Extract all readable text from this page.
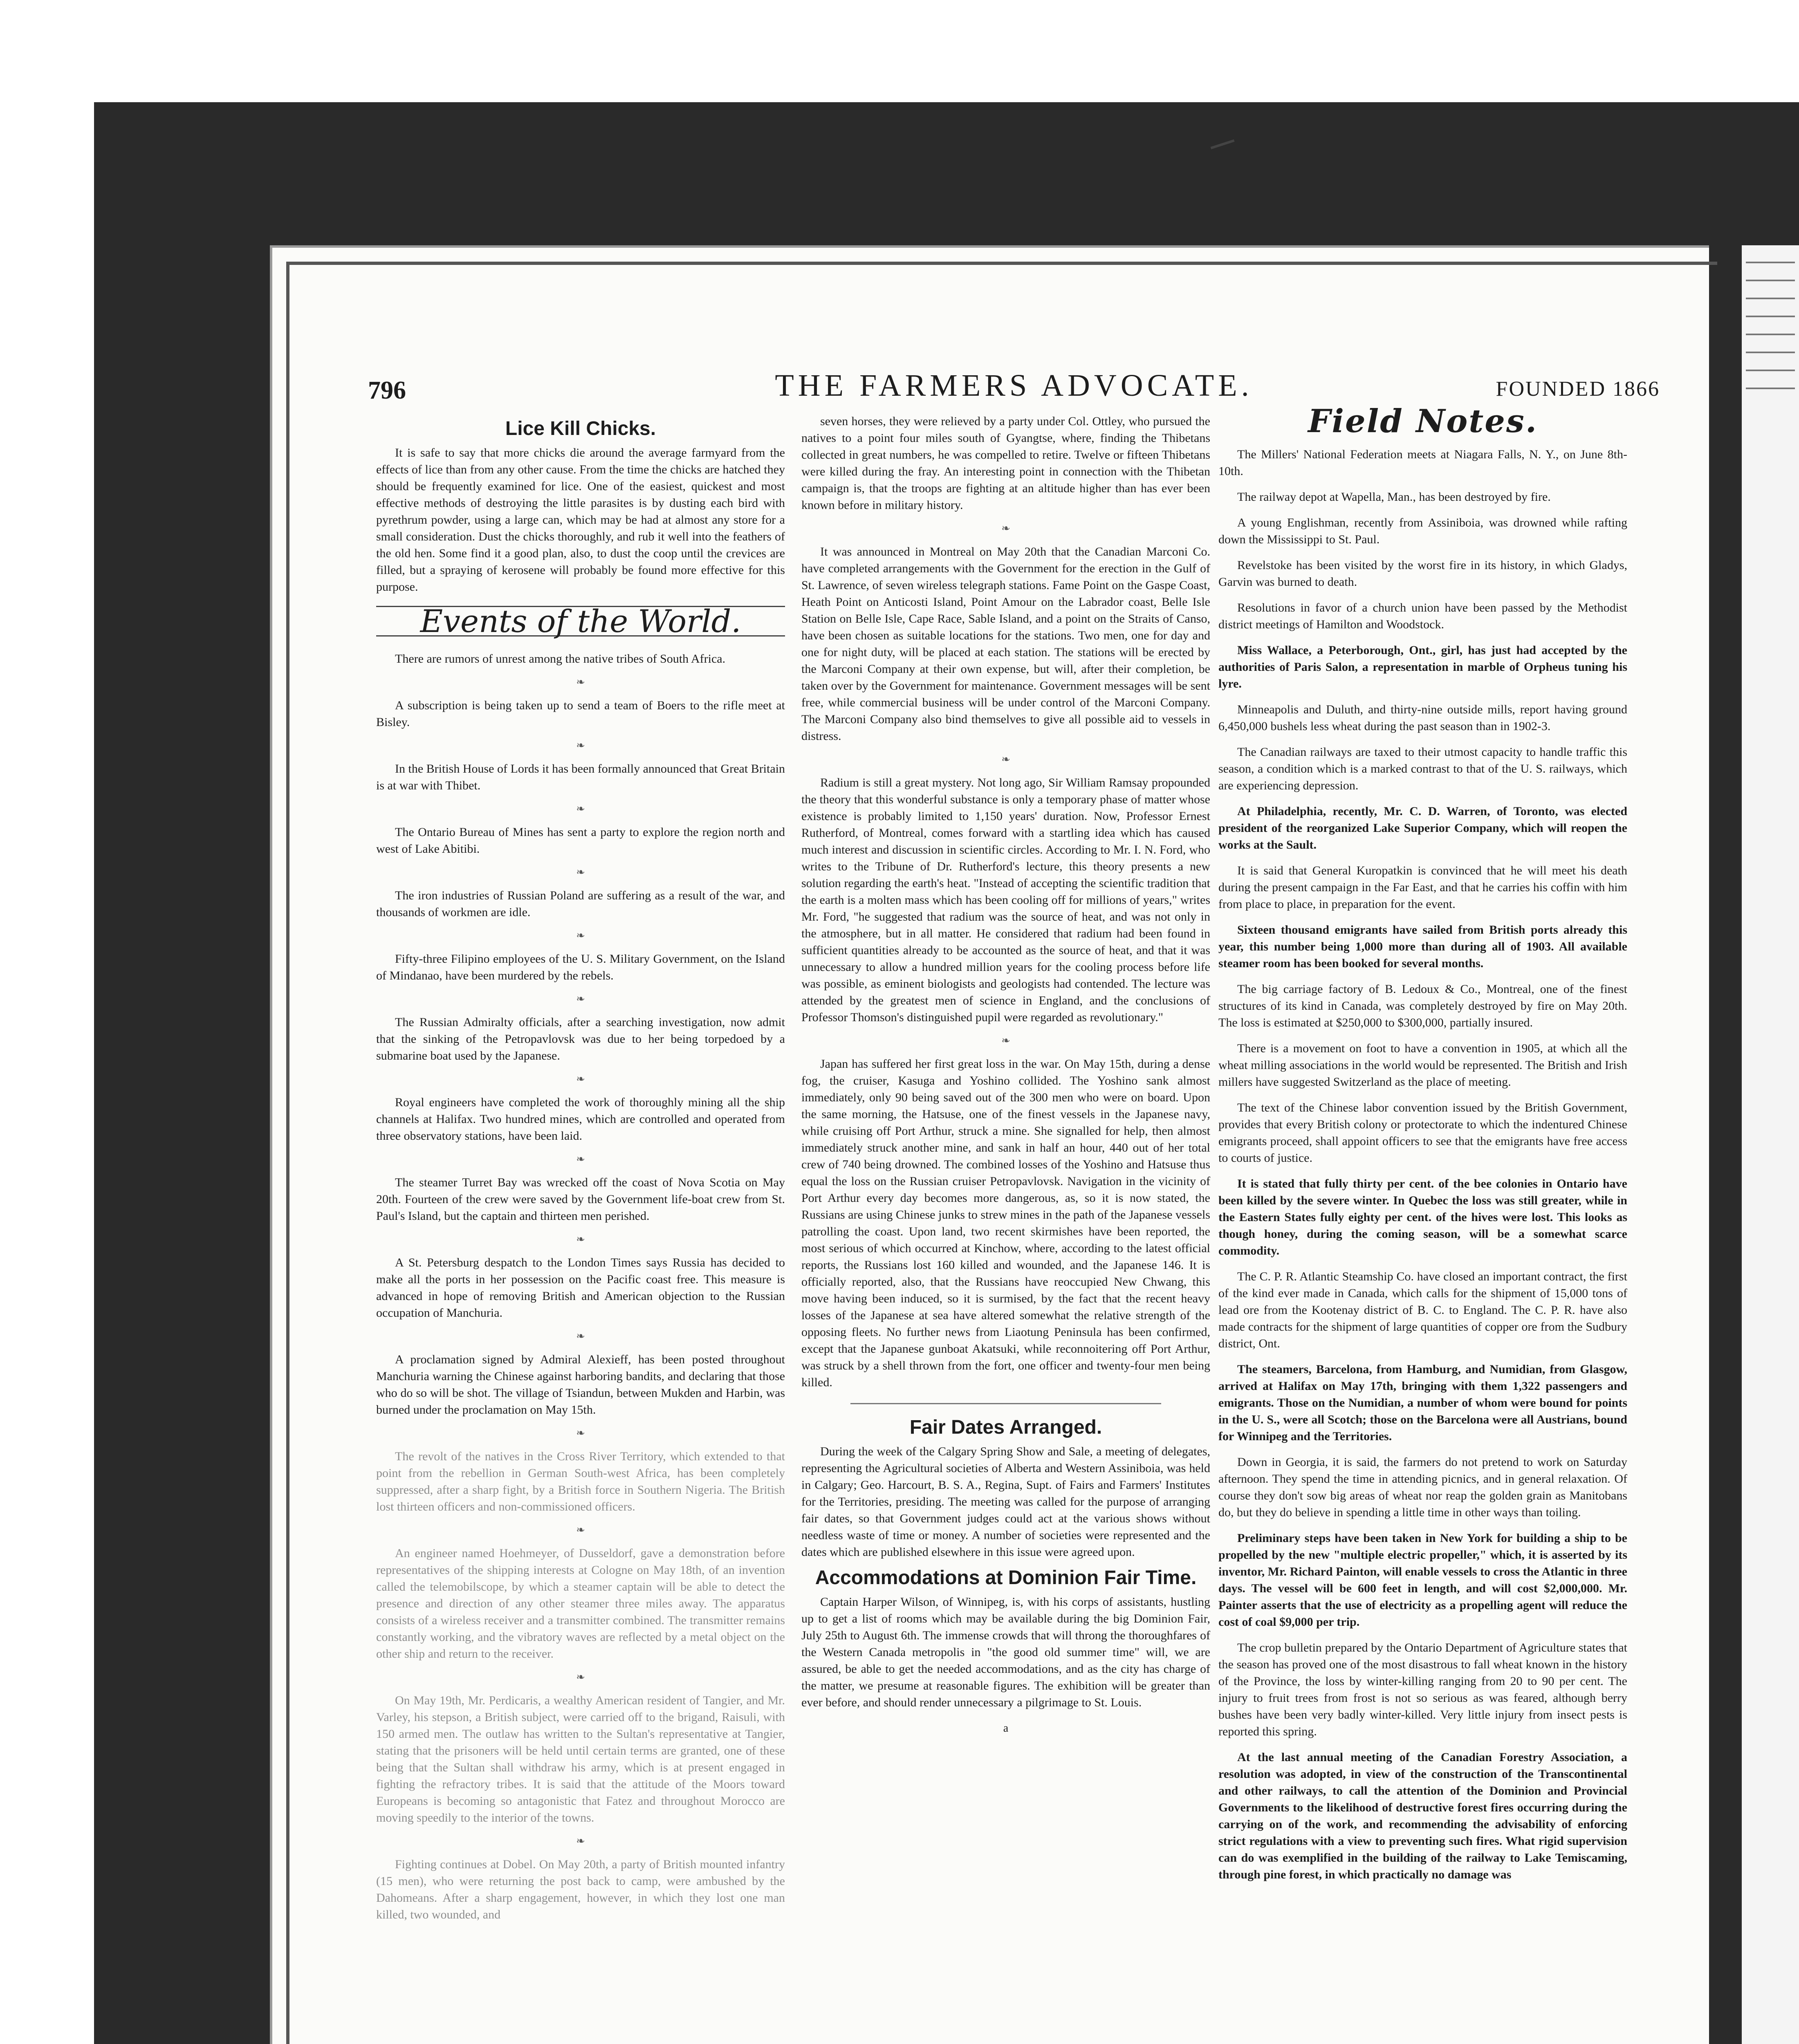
THE FARMERS ADVOCATE.
796	FOUNDED 1866
Lice Kill Chicks.

It is safe to say that more chicks die around the average farmyard from the effects of lice than from any other cause. From the time the chicks are hatched they should be frequently examined for lice. One of the easiest, quickest and most effective methods of destroying the little parasites is by dusting each bird with pyrethrum powder, using a large can, which may be had at almost any store for a small consideration. Dust the chicks thoroughly, and rub it well into the feathers of the old hen. Some find it a good plan, also, to dust the coop until the crevices are filled, but a spraying of kerosene will probably be found more effective for this purpose.

Events of the World.

There are rumors of unrest among the native tribes of South Africa.

❧

A subscription is being taken up to send a team of Boers to the rifle meet at Bisley.

❧

In the British House of Lords it has been formally announced that Great Britain is at war with Thibet.

❧

The Ontario Bureau of Mines has sent a party to explore the region north and west of Lake Abitibi.

❧

The iron industries of Russian Poland are suffering as a result of the war, and thousands of workmen are idle.

❧

Fifty-three Filipino employees of the U. S. Military Government, on the Island of Mindanao, have been murdered by the rebels.

❧

The Russian Admiralty officials, after a searching investigation, now admit that the sinking of the Petropavlovsk was due to her being torpedoed by a submarine boat used by the Japanese.

❧

Royal engineers have completed the work of thoroughly mining all the ship channels at Halifax. Two hundred mines, which are controlled and operated from three observatory stations, have been laid.

❧

The steamer Turret Bay was wrecked off the coast of Nova Scotia on May 20th. Fourteen of the crew were saved by the Government life-boat crew from St. Paul's Island, but the captain and thirteen men perished.

❧

A St. Petersburg despatch to the London Times says Russia has decided to make all the ports in her possession on the Pacific coast free. This measure is advanced in hope of removing British and American objection to the Russian occupation of Manchuria.

❧

A proclamation signed by Admiral Alexieff, has been posted throughout Manchuria warning the Chinese against harboring bandits, and declaring that those who do so will be shot. The village of Tsiandun, between Mukden and Harbin, was burned under the proclamation on May 15th.

❧

The revolt of the natives in the Cross River Territory, which extended to that point from the rebellion in German South-west Africa, has been completely suppressed, after a sharp fight, by a British force in Southern Nigeria. The British lost thirteen officers and non-commissioned officers.

❧

An engineer named Hoehmeyer, of Dusseldorf, gave a demonstration before representatives of the shipping interests at Cologne on May 18th, of an invention called the telemobilscope, by which a steamer captain will be able to detect the presence and direction of any other steamer three miles away. The apparatus consists of a wireless receiver and a transmitter combined. The transmitter remains constantly working, and the vibratory waves are reflected by a metal object on the other ship and return to the receiver.

❧

On May 19th, Mr. Perdicaris, a wealthy American resident of Tangier, and Mr. Varley, his stepson, a British subject, were carried off to the brigand, Raisuli, with 150 armed men. The outlaw has written to the Sultan's representative at Tangier, stating that the prisoners will be held until certain terms are granted, one of these being that the Sultan shall withdraw his army, which is at present engaged in fighting the refractory tribes. It is said that the attitude of the Moors toward Europeans is becoming so antagonistic that Fatez and throughout Morocco are moving speedily to the interior of the towns.

❧

Fighting continues at Dobel. On May 20th, a party of British mounted infantry (15 men), who were returning the post back to camp, were ambushed by the Dahomeans. After a sharp engagement, however, in which they lost one man killed, two wounded, and

seven horses, they were relieved by a party under Col. Ottley, who pursued the natives to a point four miles south of Gyangtse, where, finding the Thibetans collected in great numbers, he was compelled to retire. Twelve or fifteen Thibetans were killed during the fray. An interesting point in connection with the Thibetan campaign is, that the troops are fighting at an altitude higher than has ever been known before in military history.

❧

It was announced in Montreal on May 20th that the Canadian Marconi Co. have completed arrangements with the Government for the erection in the Gulf of St. Lawrence, of seven wireless telegraph stations. Fame Point on the Gaspe Coast, Heath Point on Anticosti Island, Point Amour on the Labrador coast, Belle Isle Station on Belle Isle, Cape Race, Sable Island, and a point on the Straits of Canso, have been chosen as suitable locations for the stations. Two men, one for day and one for night duty, will be placed at each station. The stations will be erected by the Marconi Company at their own expense, but will, after their completion, be taken over by the Government for maintenance. Government messages will be sent free, while commercial business will be under control of the Marconi Company. The Marconi Company also bind themselves to give all possible aid to vessels in distress.

❧

Radium is still a great mystery. Not long ago, Sir William Ramsay propounded the theory that this wonderful substance is only a temporary phase of matter whose existence is probably limited to 1,150 years' duration. Now, Professor Ernest Rutherford, of Montreal, comes forward with a startling idea which has caused much interest and discussion in scientific circles. According to Mr. I. N. Ford, who writes to the Tribune of Dr. Rutherford's lecture, this theory presents a new solution regarding the earth's heat. "Instead of accepting the scientific tradition that the earth is a molten mass which has been cooling off for millions of years," writes Mr. Ford, "he suggested that radium was the source of heat, and was not only in the atmosphere, but in all matter. He considered that radium had been found in sufficient quantities already to be accounted as the source of heat, and that it was unnecessary to allow a hundred million years for the cooling process before life was possible, as eminent biologists and geologists had contended. The lecture was attended by the greatest men of science in England, and the conclusions of Professor Thomson's distinguished pupil were regarded as revolutionary."

❧

Japan has suffered her first great loss in the war. On May 15th, during a dense fog, the cruiser, Kasuga and Yoshino collided. The Yoshino sank almost immediately, only 90 being saved out of the 300 men who were on board. Upon the same morning, the Hatsuse, one of the finest vessels in the Japanese navy, while cruising off Port Arthur, struck a mine. She signalled for help, then almost immediately struck another mine, and sank in half an hour, 440 out of her total crew of 740 being drowned. The combined losses of the Yoshino and Hatsuse thus equal the loss on the Russian cruiser Petropavlovsk. Navigation in the vicinity of Port Arthur every day becomes more dangerous, as, so it is now stated, the Russians are using Chinese junks to strew mines in the path of the Japanese vessels patrolling the coast. Upon land, two recent skirmishes have been reported, the most serious of which occurred at Kinchow, where, according to the latest official reports, the Russians lost 160 killed and wounded, and the Japanese 146. It is officially reported, also, that the Russians have reoccupied New Chwang, this move having been induced, so it is surmised, by the fact that the recent heavy losses of the Japanese at sea have altered somewhat the relative strength of the opposing fleets. No further news from Liaotung Peninsula has been confirmed, except that the Japanese gunboat Akatsuki, while reconnoitering off Port Arthur, was struck by a shell thrown from the fort, one officer and twenty-four men being killed.

Fair Dates Arranged.

During the week of the Calgary Spring Show and Sale, a meeting of delegates, representing the Agricultural societies of Alberta and Western Assiniboia, was held in Calgary; Geo. Harcourt, B. S. A., Regina, Supt. of Fairs and Farmers' Institutes for the Territories, presiding. The meeting was called for the purpose of arranging fair dates, so that Government judges could act at the various shows without needless waste of time or money. A number of societies were represented and the dates which are published elsewhere in this issue were agreed upon.

Accommodations at Dominion Fair Time.

Captain Harper Wilson, of Winnipeg, is, with his corps of assistants, hustling up to get a list of rooms which may be available during the big Dominion Fair, July 25th to August 6th. The immense crowds that will throng the thoroughfares of the Western Canada metropolis in "the good old summer time" will, we are assured, be able to get the needed accommodations, and as the city has charge of the matter, we presume at reasonable figures. The exhibition will be greater than ever before, and should render unnecessary a pilgrimage to St. Louis.

a
Field Notes.

The Millers' National Federation meets at Niagara Falls, N. Y., on June 8th-10th.

The railway depot at Wapella, Man., has been destroyed by fire.

A young Englishman, recently from Assiniboia, was drowned while rafting down the Mississippi to St. Paul.

Revelstoke has been visited by the worst fire in its history, in which Gladys, Garvin was burned to death.

Resolutions in favor of a church union have been passed by the Methodist district meetings of Hamilton and Woodstock.

Miss Wallace, a Peterborough, Ont., girl, has just had accepted by the authorities of Paris Salon, a representation in marble of Orpheus tuning his lyre.

Minneapolis and Duluth, and thirty-nine outside mills, report having ground 6,450,000 bushels less wheat during the past season than in 1902-3.

The Canadian railways are taxed to their utmost capacity to handle traffic this season, a condition which is a marked contrast to that of the U. S. railways, which are experiencing depression.

At Philadelphia, recently, Mr. C. D. Warren, of Toronto, was elected president of the reorganized Lake Superior Company, which will reopen the works at the Sault.

It is said that General Kuropatkin is convinced that he will meet his death during the present campaign in the Far East, and that he carries his coffin with him from place to place, in preparation for the event.

Sixteen thousand emigrants have sailed from British ports already this year, this number being 1,000 more than during all of 1903. All available steamer room has been booked for several months.

The big carriage factory of B. Ledoux & Co., Montreal, one of the finest structures of its kind in Canada, was completely destroyed by fire on May 20th. The loss is estimated at $250,000 to $300,000, partially insured.

There is a movement on foot to have a convention in 1905, at which all the wheat milling associations in the world would be represented. The British and Irish millers have suggested Switzerland as the place of meeting.

The text of the Chinese labor convention issued by the British Government, provides that every British colony or protectorate to which the indentured Chinese emigrants proceed, shall appoint officers to see that the emigrants have free access to courts of justice.

It is stated that fully thirty per cent. of the bee colonies in Ontario have been killed by the severe winter. In Quebec the loss was still greater, while in the Eastern States fully eighty per cent. of the hives were lost. This looks as though honey, during the coming season, will be a somewhat scarce commodity.

The C. P. R. Atlantic Steamship Co. have closed an important contract, the first of the kind ever made in Canada, which calls for the shipment of 15,000 tons of lead ore from the Kootenay district of B. C. to England. The C. P. R. have also made contracts for the shipment of large quantities of copper ore from the Sudbury district, Ont.

The steamers, Barcelona, from Hamburg, and Numidian, from Glasgow, arrived at Halifax on May 17th, bringing with them 1,322 passengers and emigrants. Those on the Numidian, a number of whom were bound for points in the U. S., were all Scotch; those on the Barcelona were all Austrians, bound for Winnipeg and the Territories.

Down in Georgia, it is said, the farmers do not pretend to work on Saturday afternoon. They spend the time in attending picnics, and in general relaxation. Of course they don't sow big areas of wheat nor reap the golden grain as Manitobans do, but they do believe in spending a little time in other ways than toiling.

Preliminary steps have been taken in New York for building a ship to be propelled by the new "multiple electric propeller," which, it is asserted by its inventor, Mr. Richard Painton, will enable vessels to cross the Atlantic in three days. The vessel will be 600 feet in length, and will cost $2,000,000. Mr. Painter asserts that the use of electricity as a propelling agent will reduce the cost of coal $9,000 per trip.

The crop bulletin prepared by the Ontario Department of Agriculture states that the season has proved one of the most disastrous to fall wheat known in the history of the Province, the loss by winter-killing ranging from 20 to 90 per cent. The injury to fruit trees from frost is not so serious as was feared, although berry bushes have been very badly winter-killed. Very little injury from insect pests is reported this spring.

At the last annual meeting of the Canadian Forestry Association, a resolution was adopted, in view of the construction of the Transcontinental and other railways, to call the attention of the Dominion and Provincial Governments to the likelihood of destructive forest fires occurring during the carrying on of the work, and recommending the advisability of enforcing strict regulations with a view to preventing such fires. What rigid supervision can do was exemplified in the building of the railway to Lake Temiscaming, through pine forest, in which practically no damage was
